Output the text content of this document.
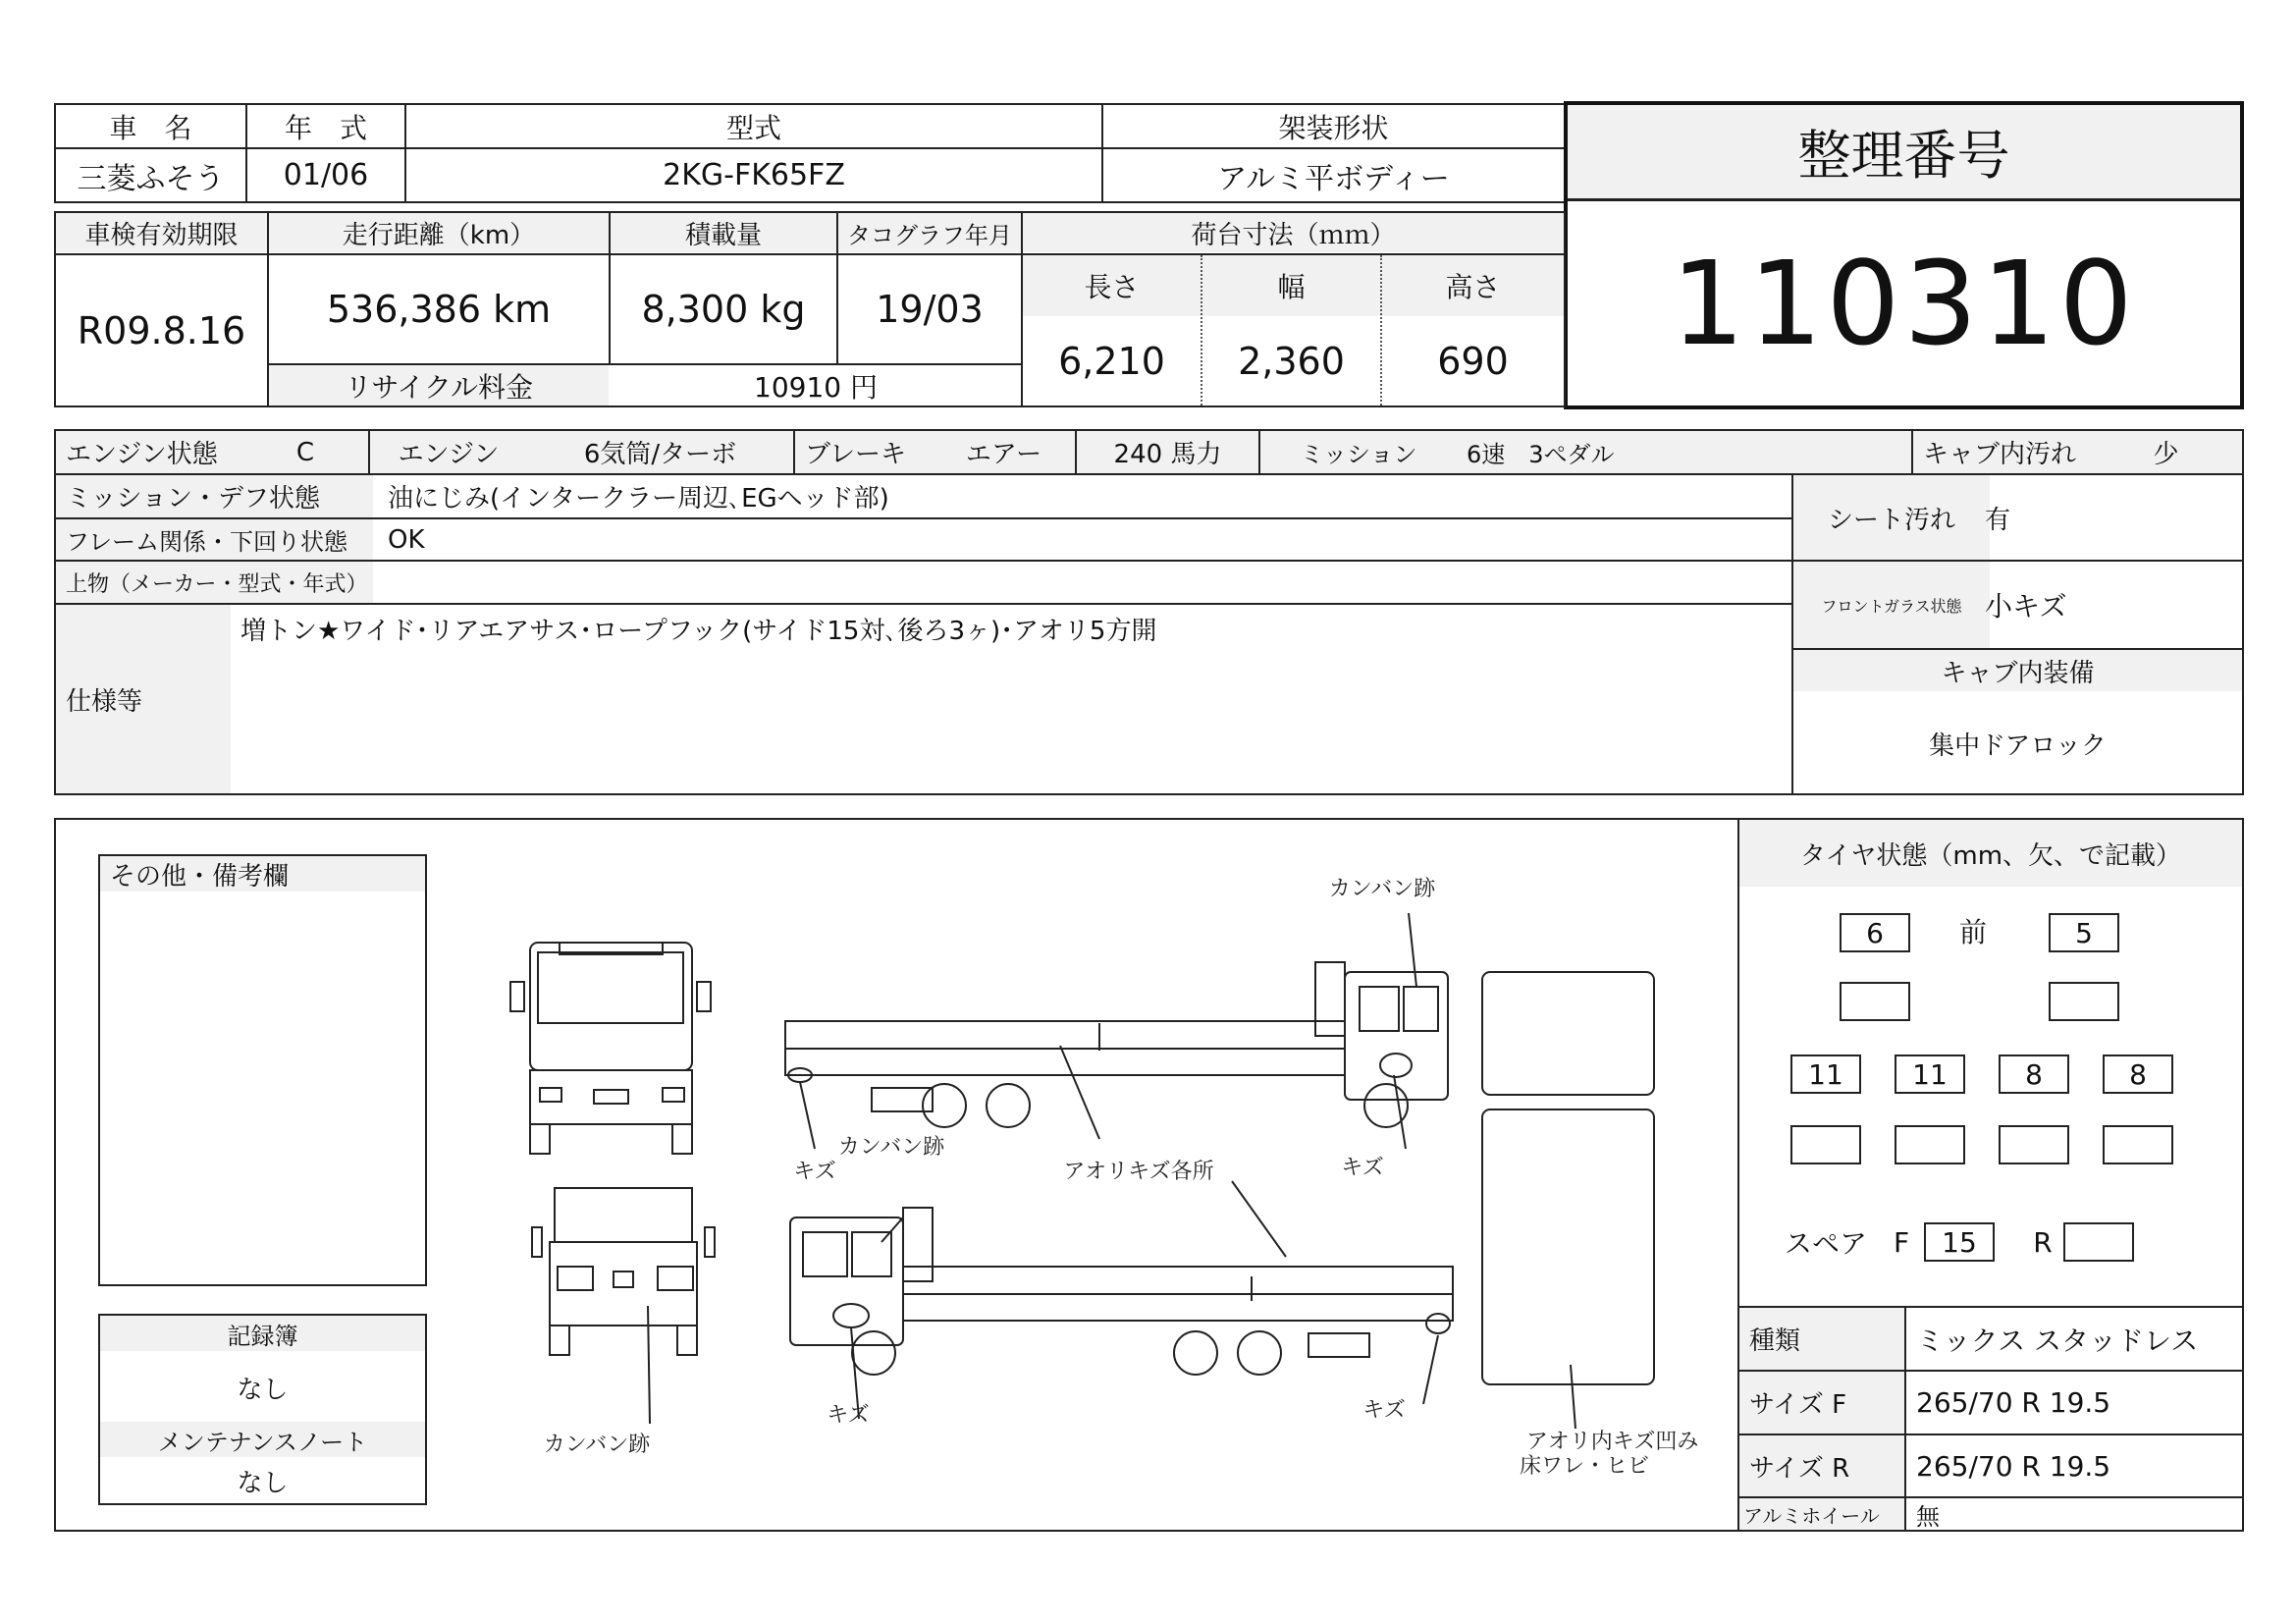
車　名	年　式	型式	架装形状
三菱ふそう	01/06	2KG-FK65FZ	アルミ平ボディー	整理番号
110310
車検有効期限	走行距離（km）	積載量	タコグラフ年月	荷台寸法（ｍｍ）
R09.8.16	536,386 km	8,300 kg	19/03
リサイクル料金	10910 円
長さ	幅	高さ
6,210	2,360	690
エンジン状態	C	エンジン	6気筒/ターボ	ブレーキ	エアー	240 馬力	ミッション	6速　3ペダル	キャブ内汚れ	少
ミッション・デフ状態	油にじみ(インタークラー周辺､EGヘッド部)
フレーム関係・下回り状態	OK
上物（メーカー・型式・年式）
仕様等
増トン★ワイド･リアエアサス･ロープフック(サイド15対､後ろ3ヶ)･アオリ5方開
シート汚れ	有
フロントガラス状態 小キズ
キャブ内装備
集中ドアロック
その他・備考欄
記録簿
なし
メンテナンスノート
なし
カンバン跡
キズ
カンバン跡
アオリキズ各所	キズ
カンバン跡
キズ	キズ
アオリ内キズ凹み
床ワレ・ヒビ
タイヤ状態（mm、欠、で記載）
6	前	5
11	11	8	8
スペア F	15	R
種類	ミックス スタッドレス
サイズ F	265/70 R 19.5
サイズ R	265/70 R 19.5
アルミホイール	無
